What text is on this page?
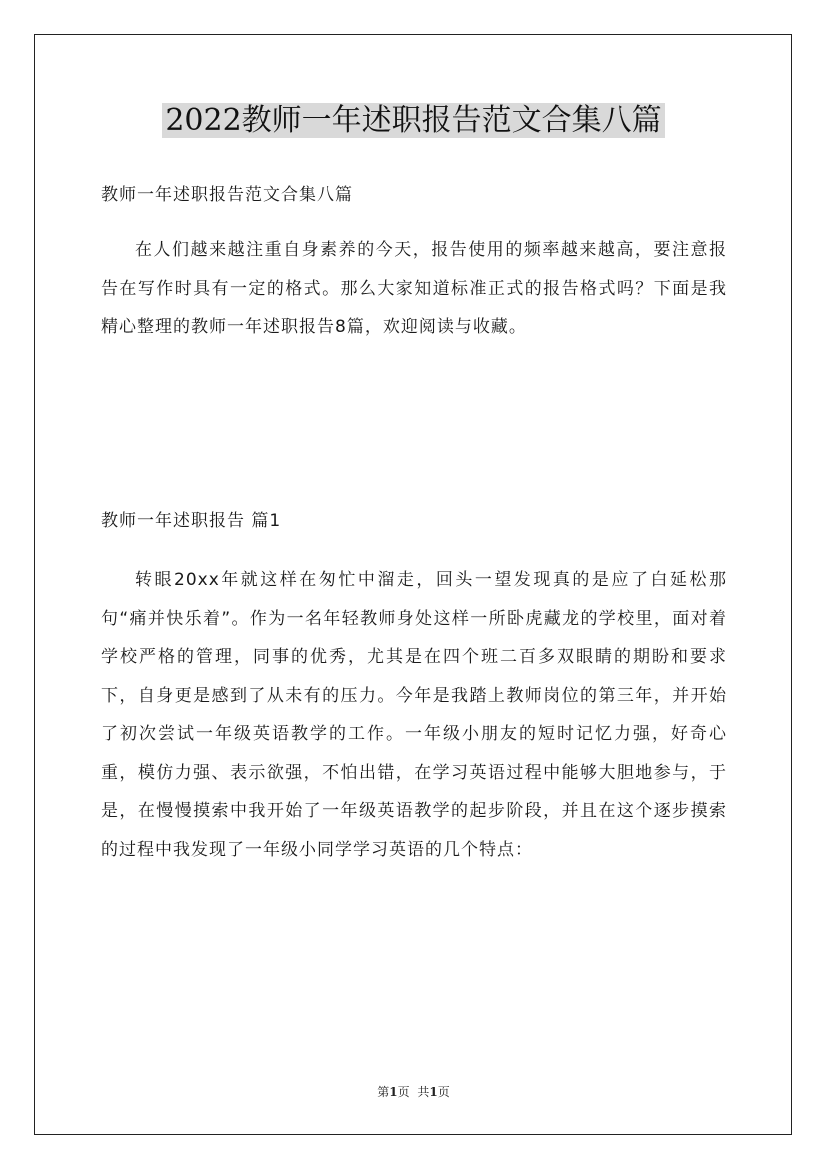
2022教师一年述职报告范文合集八篇
教师一年述职报告范文合集八篇

在人们越来越注重自身素养的今天，报告使用的频率越来越高，要注意报告在写作时具有一定的格式。那么大家知道标准正式的报告格式吗？下面是我精心整理的教师一年述职报告8篇，欢迎阅读与收藏。

教师一年述职报告 篇1

转眼20xx年就这样在匆忙中溜走，回头一望发现真的是应了白延松那句“痛并快乐着”。作为一名年轻教师身处这样一所卧虎藏龙的学校里，面对着学校严格的管理，同事的优秀，尤其是在四个班二百多双眼睛的期盼和要求下，自身更是感到了从未有的压力。今年是我踏上教师岗位的第三年，并开始了初次尝试一年级英语教学的工作。一年级小朋友的短时记忆力强，好奇心重，模仿力强、表示欲强，不怕出错，在学习英语过程中能够大胆地参与，于是，在慢慢摸索中我开始了一年级英语教学的起步阶段，并且在这个逐步摸索的过程中我发现了一年级小同学学习英语的几个特点：

第1页 共1页
